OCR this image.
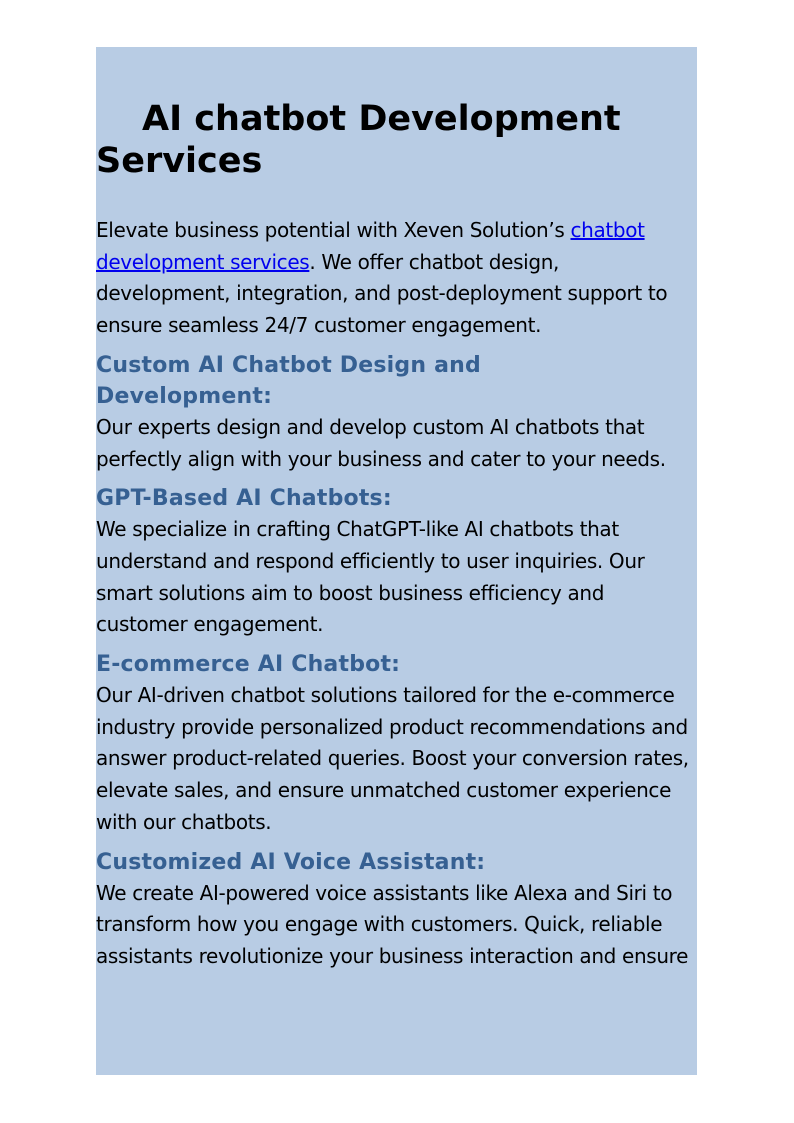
AI chatbot Development Services

Elevate business potential with Xeven Solution’s chatbot development services. We offer chatbot design, development, integration, and post-deployment support to ensure seamless 24/7 customer engagement.

Custom AI Chatbot Design and Development:

Our experts design and develop custom AI chatbots that perfectly align with your business and cater to your needs.

GPT-Based AI Chatbots:

We specialize in crafting ChatGPT-like AI chatbots that understand and respond efficiently to user inquiries. Our smart solutions aim to boost business efficiency and customer engagement.

E-commerce AI Chatbot:

Our AI-driven chatbot solutions tailored for the e-commerce industry provide personalized product recommendations and answer product-related queries. Boost your conversion rates, elevate sales, and ensure unmatched customer experience with our chatbots.

Customized AI Voice Assistant:

We create AI-powered voice assistants like Alexa and Siri to transform how you engage with customers. Quick, reliable assistants revolutionize your business interaction and ensure
